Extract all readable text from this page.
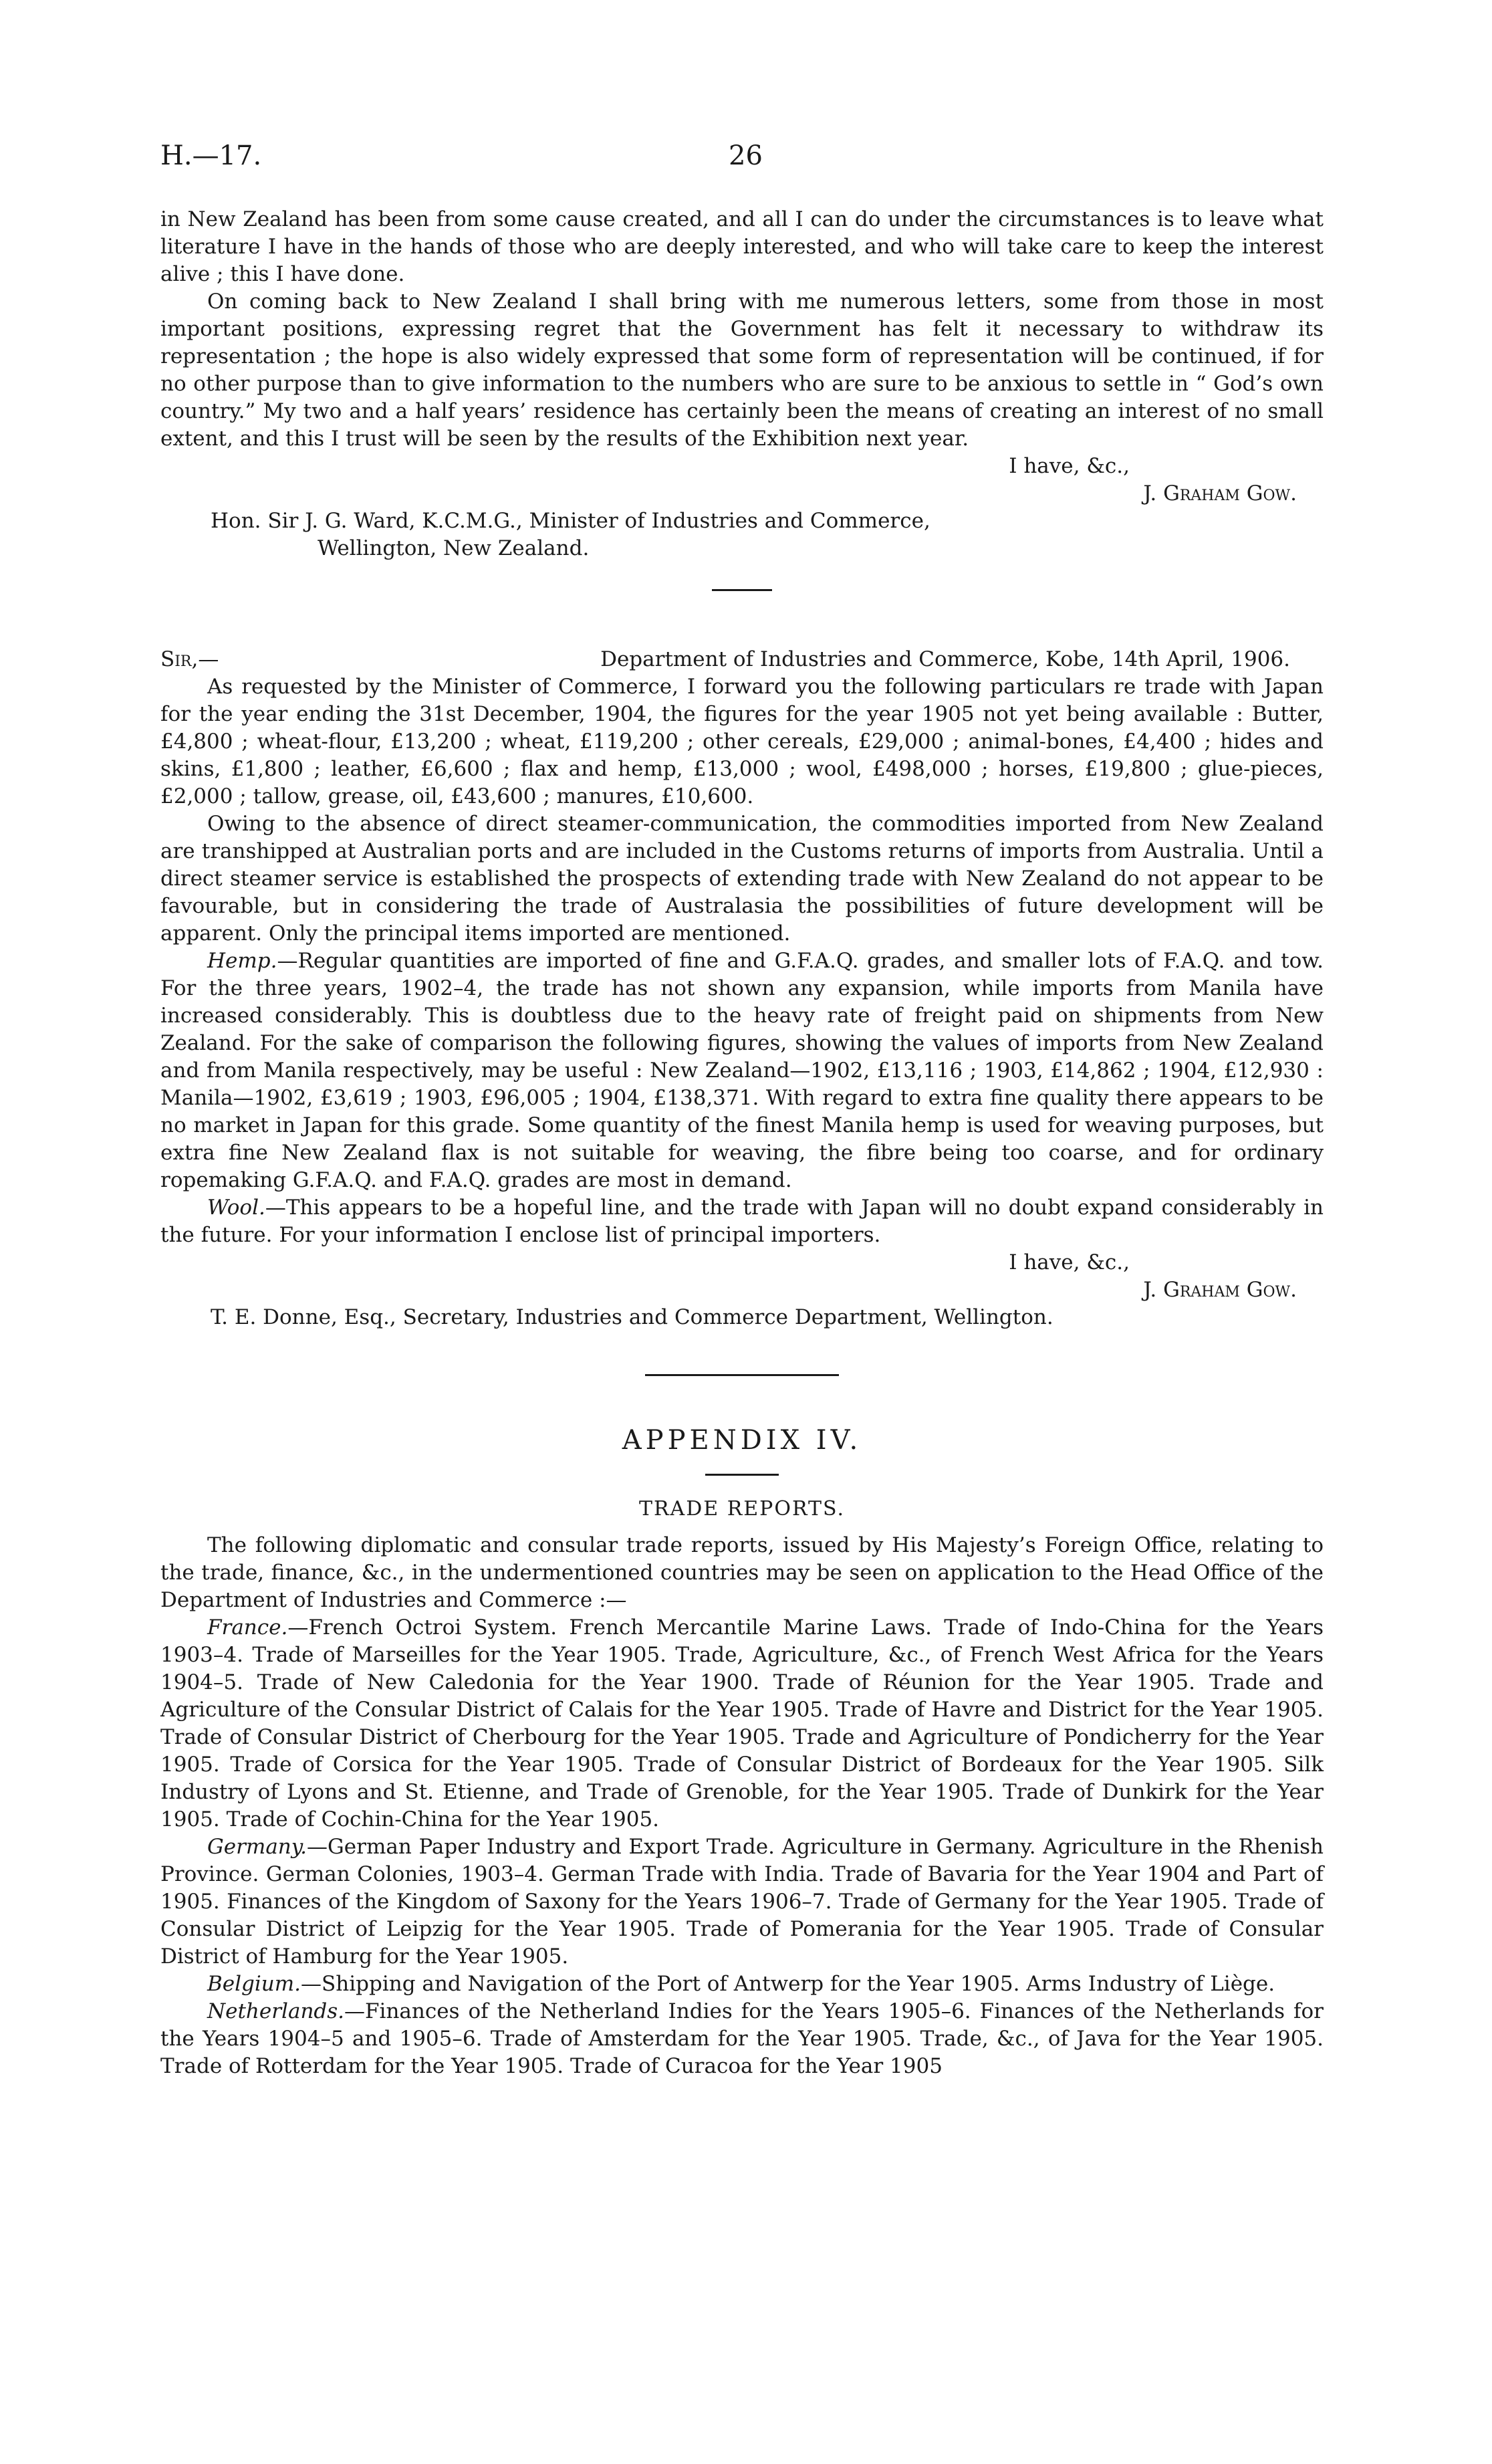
H.—17.	26

in New Zealand has been from some cause created, and all I can do under the circumstances is to leave what literature I have in the hands of those who are deeply interested, and who will take care to keep the interest alive ; this I have done.

On coming back to New Zealand I shall bring with me numerous letters, some from those in most important positions, expressing regret that the Government has felt it necessary to withdraw its representation ; the hope is also widely expressed that some form of representation will be continued, if for no other purpose than to give information to the numbers who are sure to be anxious to settle in “ God’s own country.” My two and a half years’ residence has certainly been the means of creating an interest of no small extent, and this I trust will be seen by the results of the Exhibition next year.

I have, &c.,

J. Graham Gow.

Hon. Sir J. G. Ward, K.C.M.G., Minister of Industries and Commerce,

Wellington, New Zealand.

Sir,—	Department of Industries and Commerce, Kobe, 14th April, 1906.

As requested by the Minister of Commerce, I forward you the following particulars re trade with Japan for the year ending the 31st December, 1904, the figures for the year 1905 not yet being available : Butter, £4,800 ; wheat-flour, £13,200 ; wheat, £119,200 ; other cereals, £29,000 ; animal-bones, £4,400 ; hides and skins, £1,800 ; leather, £6,600 ; flax and hemp, £13,000 ; wool, £498,000 ; horses, £19,800 ; glue-pieces, £2,000 ; tallow, grease, oil, £43,600 ; manures, £10,600.

Owing to the absence of direct steamer-communication, the commodities imported from New Zealand are transhipped at Australian ports and are included in the Customs returns of imports from Australia. Until a direct steamer service is established the prospects of extending trade with New Zealand do not appear to be favourable, but in considering the trade of Australasia the possibilities of future development will be apparent. Only the principal items imported are mentioned.

Hemp.—Regular quantities are imported of fine and G.F.A.Q. grades, and smaller lots of F.A.Q. and tow. For the three years, 1902–4, the trade has not shown any expansion, while imports from Manila have increased considerably. This is doubtless due to the heavy rate of freight paid on shipments from New Zealand. For the sake of comparison the following figures, showing the values of imports from New Zealand and from Manila respectively, may be useful : New Zealand—1902, £13,116 ; 1903, £14,862 ; 1904, £12,930 : Manila—1902, £3,619 ; 1903, £96,005 ; 1904, £138,371. With regard to extra fine quality there appears to be no market in Japan for this grade. Some quantity of the finest Manila hemp is used for weaving purposes, but extra fine New Zealand flax is not suitable for weaving, the fibre being too coarse, and for ordinary ropemaking G.F.A.Q. and F.A.Q. grades are most in demand.

Wool.—This appears to be a hopeful line, and the trade with Japan will no doubt expand considerably in the future. For your information I enclose list of principal importers.

I have, &c.,

J. Graham Gow.

T. E. Donne, Esq., Secretary, Industries and Commerce Department, Wellington.

APPENDIX IV.
TRADE REPORTS.

The following diplomatic and consular trade reports, issued by His Majesty’s Foreign Office, relating to the trade, finance, &c., in the undermentioned countries may be seen on application to the Head Office of the Department of Industries and Commerce :—

France.—French Octroi System. French Mercantile Marine Laws. Trade of Indo-China for the Years 1903–4. Trade of Marseilles for the Year 1905. Trade, Agriculture, &c., of French West Africa for the Years 1904–5. Trade of New Caledonia for the Year 1900. Trade of Réunion for the Year 1905. Trade and Agriculture of the Consular District of Calais for the Year 1905. Trade of Havre and District for the Year 1905. Trade of Consular District of Cherbourg for the Year 1905. Trade and Agriculture of Pondicherry for the Year 1905. Trade of Corsica for the Year 1905. Trade of Consular District of Bordeaux for the Year 1905. Silk Industry of Lyons and St. Etienne, and Trade of Grenoble, for the Year 1905. Trade of Dunkirk for the Year 1905. Trade of Cochin-China for the Year 1905.

Germany.—German Paper Industry and Export Trade. Agriculture in Germany. Agriculture in the Rhenish Province. German Colonies, 1903–4. German Trade with India. Trade of Bavaria for the Year 1904 and Part of 1905. Finances of the Kingdom of Saxony for the Years 1906–7. Trade of Germany for the Year 1905. Trade of Consular District of Leipzig for the Year 1905. Trade of Pomerania for the Year 1905. Trade of Consular District of Hamburg for the Year 1905.

Belgium.—Shipping and Navigation of the Port of Antwerp for the Year 1905. Arms Industry of Liège.

Netherlands.—Finances of the Netherland Indies for the Years 1905–6. Finances of the Netherlands for the Years 1904–5 and 1905–6. Trade of Amsterdam for the Year 1905. Trade, &c., of Java for the Year 1905. Trade of Rotterdam for the Year 1905. Trade of Curacoa for the Year 1905
